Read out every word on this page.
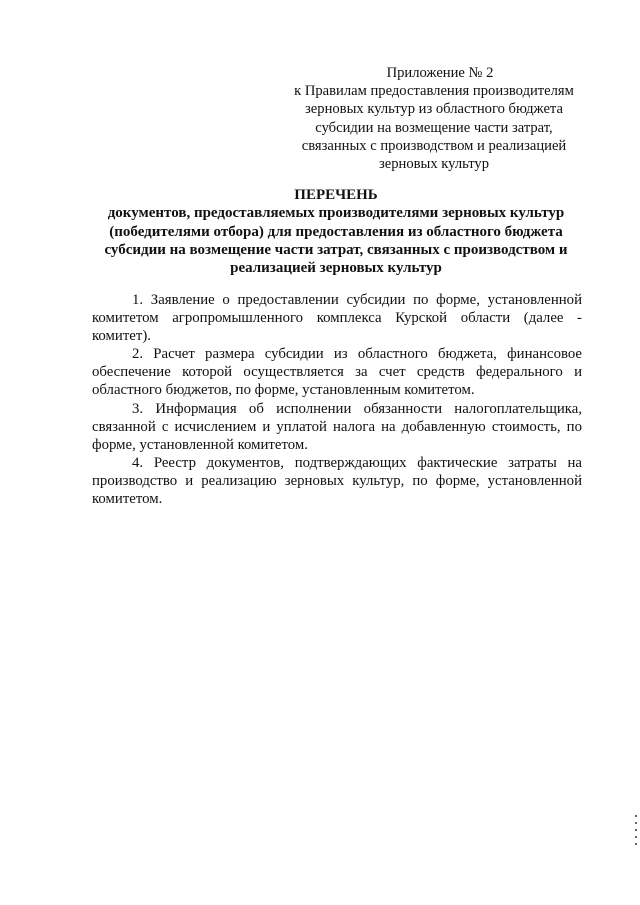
Приложение № 2
к Правилам предоставления производителям
зерновых культур из областного бюджета
субсидии на возмещение части затрат,
связанных с производством и реализацией
зерновых культур
ПЕРЕЧЕНЬ
документов, предоставляемых производителями зерновых культур
(победителями отбора) для предоставления из областного бюджета
субсидии на возмещение части затрат, связанных с производством и
реализацией зерновых культур

1. Заявление о предоставлении субсидии по форме, установленной комитетом агропромышленного комплекса Курской области (далее - комитет).

2. Расчет размера субсидии из областного бюджета, финансовое обеспечение которой осуществляется за счет средств федерального и областного бюджетов, по форме, установленным комитетом.

3. Информация об исполнении обязанности налогоплательщика, связанной с исчислением и уплатой налога на добавленную стоимость, по форме, установленной комитетом.

4. Реестр документов, подтверждающих фактические затраты на производство и реализацию зерновых культур, по форме, установленной комитетом.
